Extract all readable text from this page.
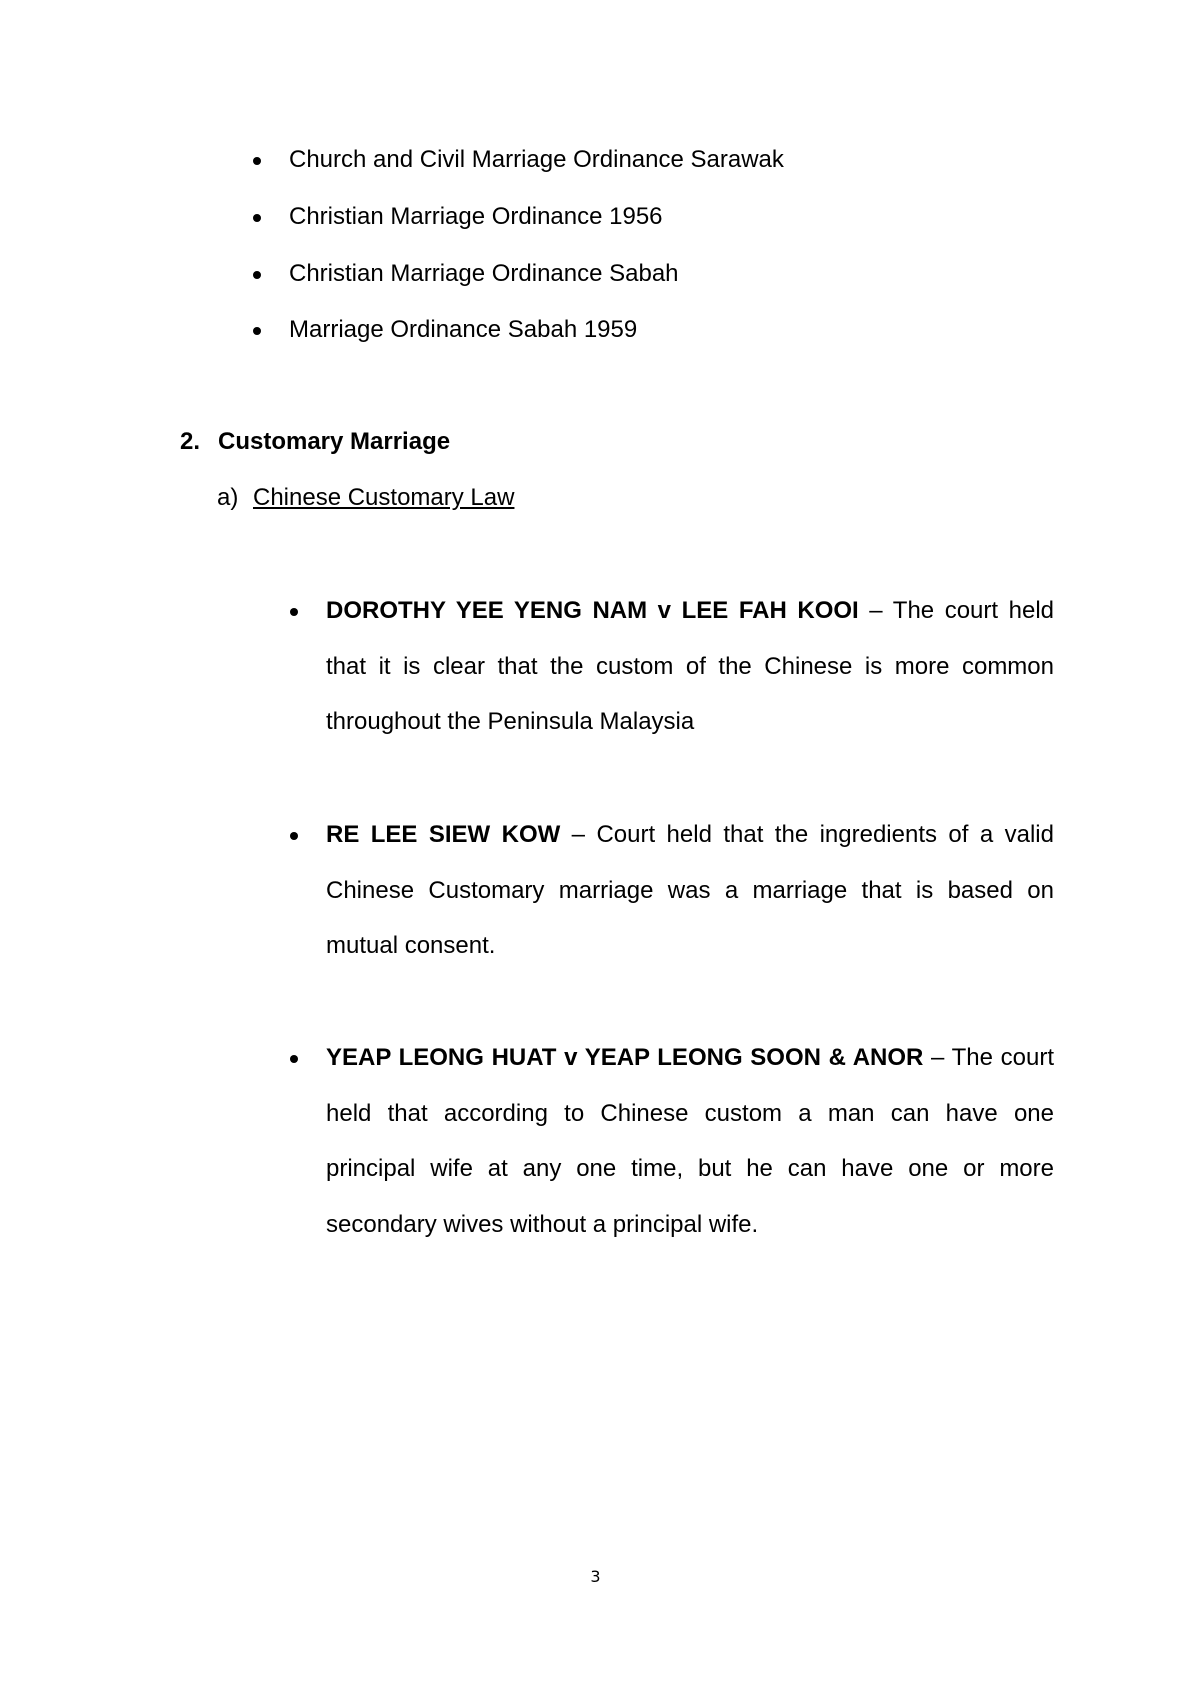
Church and Civil Marriage Ordinance Sarawak
Christian Marriage Ordinance 1956
Christian Marriage Ordinance Sabah
Marriage Ordinance Sabah 1959
2. Customary Marriage
a) Chinese Customary Law
DOROTHY YEE YENG NAM v LEE FAH KOOI – The court held that it is clear that the custom of the Chinese is more common throughout the Peninsula Malaysia
RE LEE SIEW KOW – Court held that the ingredients of a valid Chinese Customary marriage was a marriage that is based on mutual consent.
YEAP LEONG HUAT v YEAP LEONG SOON & ANOR – The court held that according to Chinese custom a man can have one principal wife at any one time, but he can have one or more secondary wives without a principal wife.
3
